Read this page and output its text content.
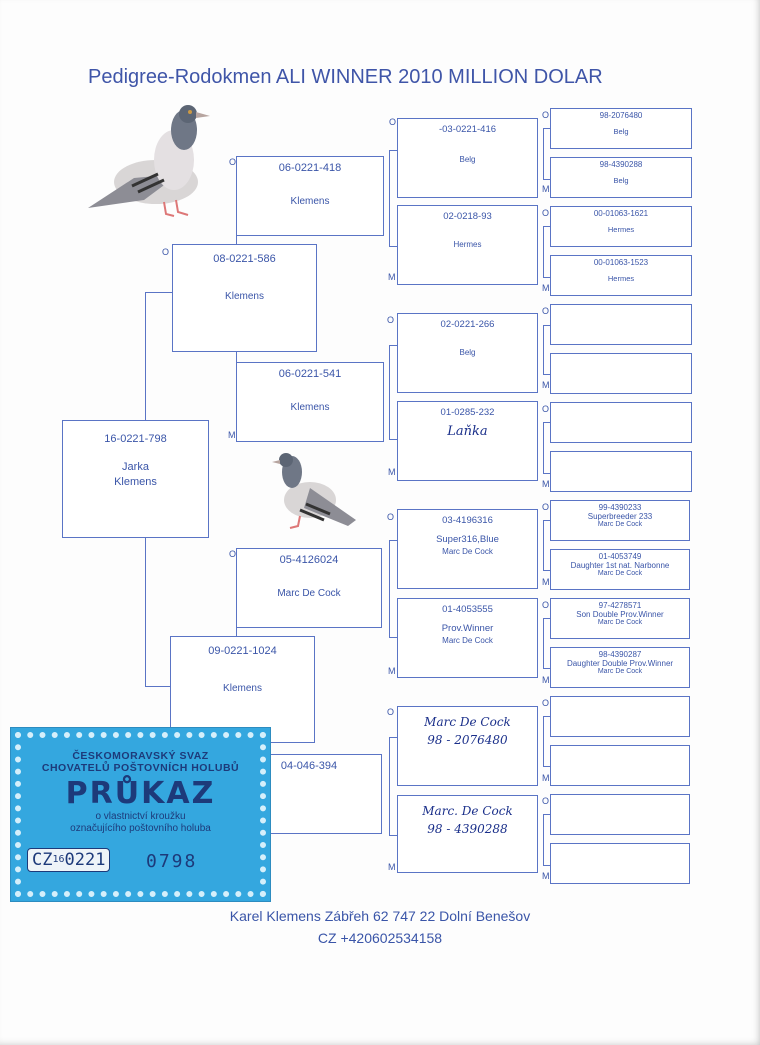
Pedigree-Rodokmen ALI WINNER 2010 MILLION DOLAR
16-0221-798
Jarka
Klemens
08-0221-586
Klemens
O
09-0221-1024
Klemens
06-0221-418
Klemens
O
06-0221-541
Klemens
M
05-4126024
Marc De Cock
O
04-046-394
-03-0221-416
Belg
O
02-0218-93
Hermes
M
02-0221-266
Belg
O
01-0285-232
Laňka
M
03-4196316
Super316,Blue
Marc De Cock
O
01-4053555
Prov.Winner
Marc De Cock
M
Marc De Cock
98 - 2076480
O
Marc. De Cock
98 - 4390288
M
98-2076480
Belg
98-4390288
Belg
00-01063-1621
Hermes
00-01063-1523
Hermes
99-4390233
Superbreeder 233
Marc De Cock
01-4053749
Daughter 1st nat. Narbonne
Marc De Cock
97-4278571
Son Double Prov.Winner
Marc De Cock
98-4390287
Daughter Double Prov.Winner
Marc De Cock
O
M
O
M
O
M
O
M
O
M
O
M
O
M
O
M
ČESKOMORAVSKÝ SVAZ
CHOVATELŮ POŠTOVNÍCH HOLUBŮ
PRŮKAZ
o vlastnictví kroužku
označujícího poštovního holuba
CZ160221 0798
Karel Klemens Zábřeh 62 747 22 Dolní Benešov
CZ +420602534158
